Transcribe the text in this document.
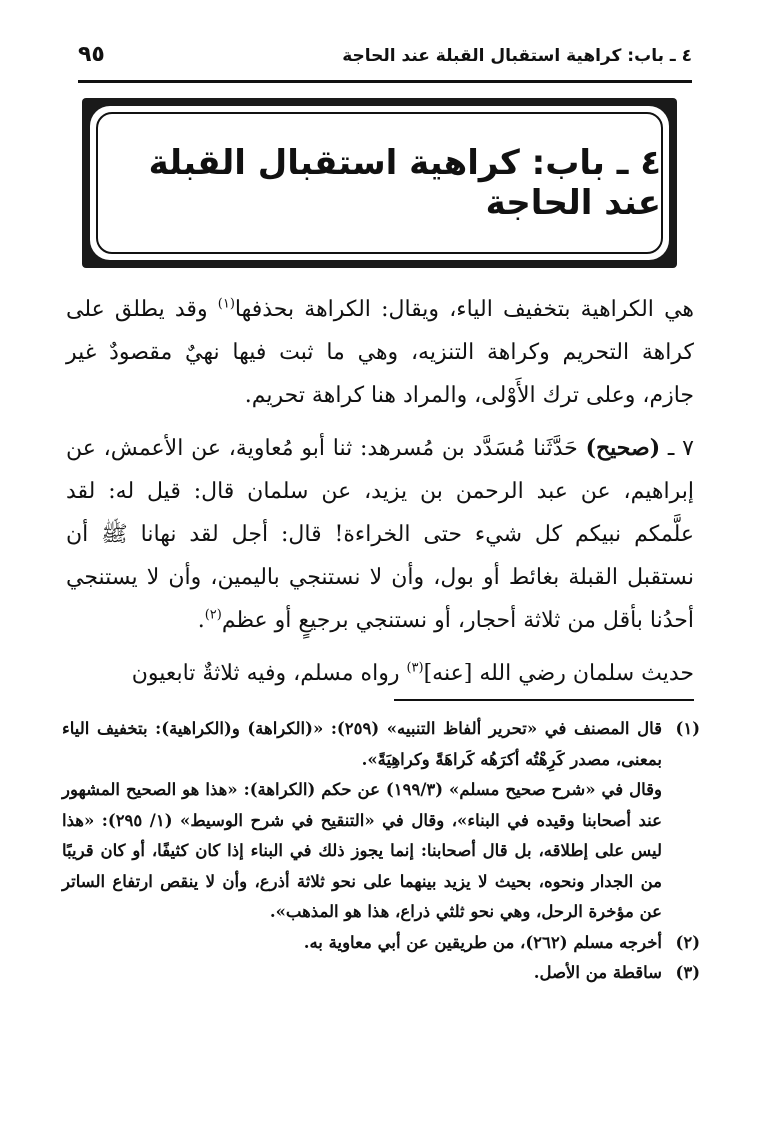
٤ ـ باب: كراهية استقبال القبلة عند الحاجة
٩٥
٤ ـ باب: كراهية استقبال القبلة عند الحاجة

هي الكراهية بتخفيف الياء، ويقال: الكراهة بحذفها$^{(١)}$ وقد يطلق على كراهة التحريم وكراهة التنزيه، وهي ما ثبت فيها نهيٌ مقصودٌ غير جازم، وعلى ترك الأَوْلى، والمراد هنا كراهة تحريم.

٧ ـ (صحيح) حَدَّثَنا مُسَدَّد بن مُسرهد: ثنا أبو مُعاوية، عن الأعمش، عن إبراهيم، عن عبد الرحمن بن يزيد، عن سلمان قال: قيل له: لقد علَّمكم نبيكم كل شيء حتى الخراءة! قال: أجل لقد نهانا ﷺ أن نستقبل القبلة بغائط أو بول، وأن لا نستنجي باليمين، وأن لا يستنجي أحدُنا بأقل من ثلاثة أحجار، أو نستنجي برجيعٍ أو عظم$^{(٢)}$.

حديث سلمان رضي الله [عنه]$^{(٣)}$ رواه مسلم، وفيه ثلاثةٌ تابعيون

(١)

قال المصنف في «تحرير ألفاظ التنبيه» (٢٥٩): «(الكراهة) و(الكراهية): بتخفيف الياء بمعنى، مصدر كَرِهْتُه أكرَهُه كَراهَةً وكراهِيَةً».

وقال في «شرح صحيح مسلم» (١٩٩/٣) عن حكم (الكراهة): «هذا هو الصحيح المشهور عند أصحابنا وقيده في البناء»، وقال في «التنقيح في شرح الوسيط» (١/ ٢٩٥): «هذا ليس على إطلاقه، بل قال أصحابنا: إنما يجوز ذلك في البناء إذا كان كثيفًا، أو كان قريبًا من الجدار ونحوه، بحيث لا يزيد بينهما على نحو ثلاثة أذرع، وأن لا ينقص ارتفاع الساتر عن مؤخرة الرحل، وهي نحو ثلثي ذراع، هذا هو المذهب».

(٢)

أخرجه مسلم (٢٦٢)، من طريقين عن أبي معاوية به.

(٣)

ساقطة من الأصل.
